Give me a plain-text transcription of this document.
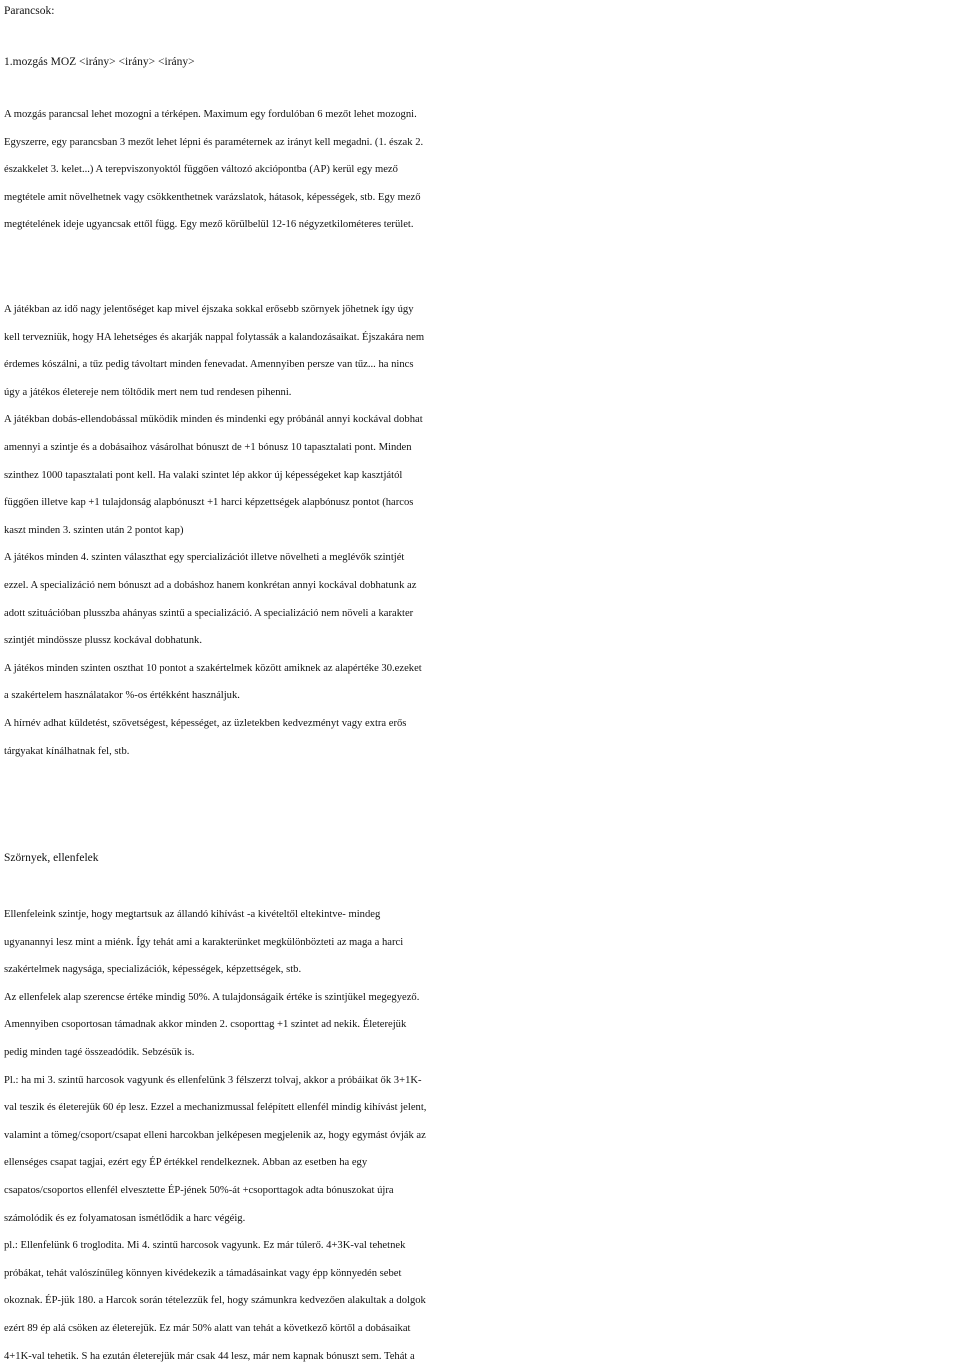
Parancsok:
1.mozgás MOZ <irány> <irány> <irány>
A mozgás parancsal lehet mozogni a térképen. Maximum egy fordulóban 6 mezőt lehet mozogni.
Egyszerre, egy parancsban 3 mezőt lehet lépni és paraméternek az irányt kell megadni. (1. észak 2.
északkelet 3. kelet...) A terepviszonyoktól függően változó akciópontba (AP) kerül egy mező
megtétele amit növelhetnek vagy csökkenthetnek varázslatok, hátasok, képességek, stb. Egy mező
megtételének ideje ugyancsak ettől függ. Egy mező körülbelül 12-16 négyzetkilométeres terület.
A játékban az idő nagy jelentőséget kap mivel éjszaka sokkal erősebb szörnyek jöhetnek így úgy
kell tervezniük, hogy HA lehetséges és akarják nappal folytassák a kalandozásaikat. Éjszakára nem
érdemes kószálni, a tűz pedig távoltart minden fenevadat. Amennyiben persze van tűz... ha nincs
úgy a játékos életereje nem töltődik mert nem tud rendesen pihenni.
A játékban dobás-ellendobással müködik minden és mindenki egy próbánál annyi kockával dobhat
amennyi a szintje és a dobásaihoz vásárolhat bónuszt de +1 bónusz 10 tapasztalati pont. Minden
szinthez 1000 tapasztalati pont kell. Ha valaki szintet lép akkor új képességeket kap kasztjától
függően illetve kap +1 tulajdonság alapbónuszt +1 harci képzettségek alapbónusz pontot (harcos
kaszt minden 3. szinten után 2 pontot kap)
A játékos minden 4. szinten választhat egy spercializációt illetve növelheti a meglévők szintjét
ezzel. A specializáció nem bónuszt ad a dobáshoz hanem konkrétan annyi kockával dobhatunk az
adott szituációban plusszba ahányas szintű a specializáció. A specializáció nem növeli a karakter
szintjét mindössze plussz kockával dobhatunk.
A játékos minden szinten oszthat 10 pontot a szakértelmek között amiknek az alapértéke 30.ezeket
a szakértelem használatakor %-os értékként használjuk.
A hírnév adhat küldetést, szövetségest, képességet, az üzletekben kedvezményt vagy extra erős
tárgyakat kínálhatnak fel, stb.
Szörnyek, ellenfelek
Ellenfeleink szintje, hogy megtartsuk az állandó kihívást -a kivételtől eltekintve- mindeg
ugyanannyi lesz mint a miénk. Így tehát ami a karakterünket megkülönbözteti az maga a harci
szakértelmek nagysága, specializációk, képességek, képzettségek, stb.
Az ellenfelek alap szerencse értéke mindig 50%. A tulajdonságaik értéke is szintjükel megegyező.
Amennyiben csoportosan támadnak akkor minden 2. csoporttag +1 szintet ad nekik. Életerejük
pedig minden tagé összeadódik. Sebzésük is.
Pl.: ha mi 3. szintű harcosok vagyunk és ellenfelünk 3 félszerzt tolvaj, akkor a próbáikat ők 3+1K-
val teszik és életerejük 60 ép lesz. Ezzel a mechanizmussal felépített ellenfél mindig kihívást jelent,
valamint a tömeg/csoport/csapat elleni harcokban jelképesen megjelenik az, hogy egymást óvják az
ellenséges csapat tagjai, ezért egy ÉP értékkel rendelkeznek. Abban az esetben ha egy
csapatos/csoportos ellenfél elvesztette ÉP-jének 50%-át +csoporttagok adta bónuszokat újra
számolódik és ez folyamatosan ismétlődik a harc végéig.
pl.: Ellenfelünk 6 troglodita. Mi 4. szintű harcosok vagyunk. Ez már túlerő. 4+3K-val tehetnek
próbákat, tehát valószínűleg könnyen kivédekezik a támadásainkat vagy épp könnyedén sebet
okoznak. ÉP-jük 180. a Harcok során tételezzük fel, hogy számunkra kedvezően alakultak a dolgok
ezért 89 ép alá csöken az életerejük. Ez már 50% alatt van tehát a következő körtől a dobásaikat
4+1K-val tehetik. S ha ezután életerejük már csak 44 lesz, már nem kapnak bónuszt sem. Tehát a
